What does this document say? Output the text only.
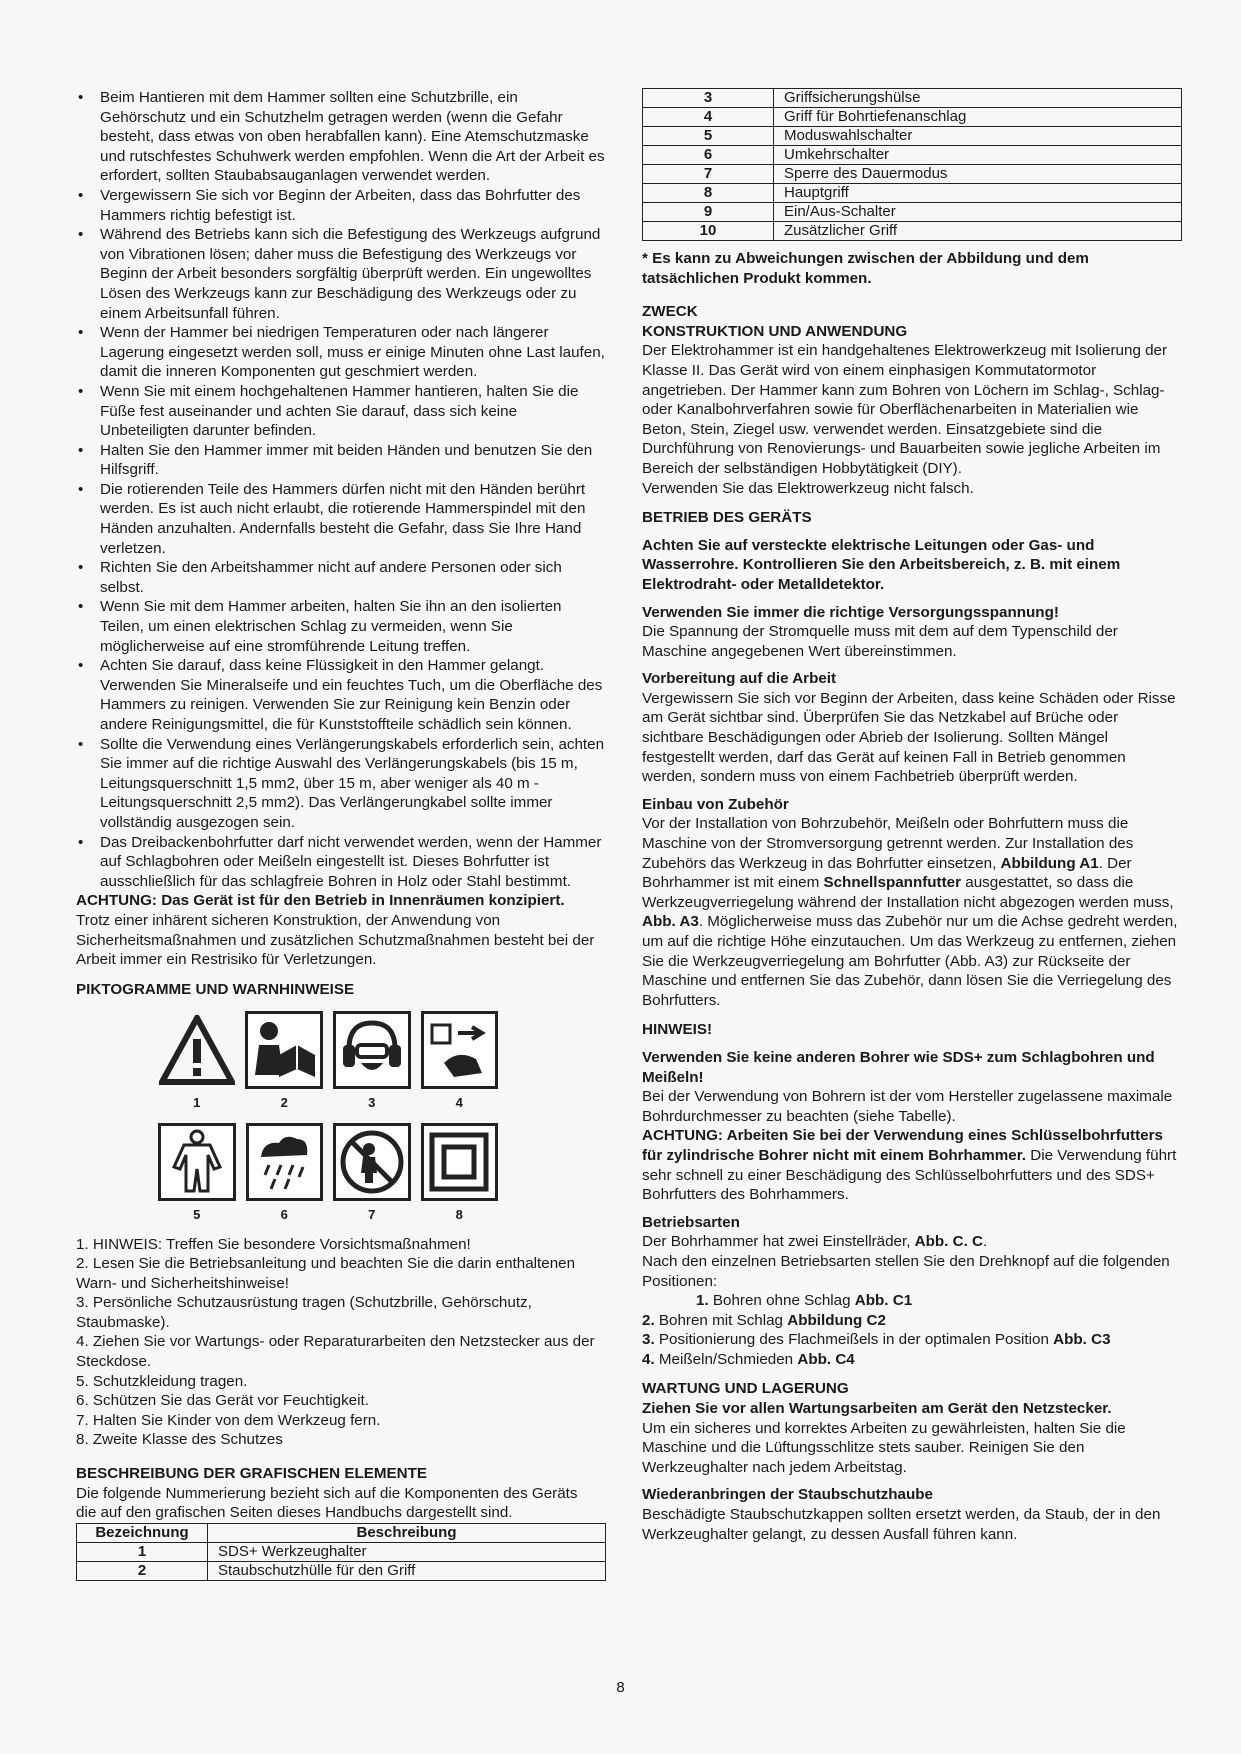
• Beim Hantieren mit dem Hammer sollten eine Schutzbrille, ein Gehörschutz und ein Schutzhelm getragen werden (wenn die Gefahr besteht, dass etwas von oben herabfallen kann). Eine Atemschutzmaske und rutschfestes Schuhwerk werden empfohlen. Wenn die Art der Arbeit es erfordert, sollten Staubabsauganlagen verwendet werden.
• Vergewissern Sie sich vor Beginn der Arbeiten, dass das Bohrfutter des Hammers richtig befestigt ist.
• Während des Betriebs kann sich die Befestigung des Werkzeugs aufgrund von Vibrationen lösen; daher muss die Befestigung des Werkzeugs vor Beginn der Arbeit besonders sorgfältig überprüft werden. Ein ungewolltes Lösen des Werkzeugs kann zur Beschädigung des Werkzeugs oder zu einem Arbeitsunfall führen.
• Wenn der Hammer bei niedrigen Temperaturen oder nach längerer Lagerung eingesetzt werden soll, muss er einige Minuten ohne Last laufen, damit die inneren Komponenten gut geschmiert werden.
• Wenn Sie mit einem hochgehaltenen Hammer hantieren, halten Sie die Füße fest auseinander und achten Sie darauf, dass sich keine Unbeteiligten darunter befinden.
• Halten Sie den Hammer immer mit beiden Händen und benutzen Sie den Hilfsgriff.
• Die rotierenden Teile des Hammers dürfen nicht mit den Händen berührt werden. Es ist auch nicht erlaubt, die rotierende Hammerspindel mit den Händen anzuhalten. Andernfalls besteht die Gefahr, dass Sie Ihre Hand verletzen.
• Richten Sie den Arbeitshammer nicht auf andere Personen oder sich selbst.
• Wenn Sie mit dem Hammer arbeiten, halten Sie ihn an den isolierten Teilen, um einen elektrischen Schlag zu vermeiden, wenn Sie möglicherweise auf eine stromführende Leitung treffen.
• Achten Sie darauf, dass keine Flüssigkeit in den Hammer gelangt. Verwenden Sie Mineralseife und ein feuchtes Tuch, um die Oberfläche des Hammers zu reinigen. Verwenden Sie zur Reinigung kein Benzin oder andere Reinigungsmittel, die für Kunststoffteile schädlich sein können.
• Sollte die Verwendung eines Verlängerungskabels erforderlich sein, achten Sie immer auf die richtige Auswahl des Verlängerungskabels (bis 15 m, Leitungsquerschnitt 1,5 mm2, über 15 m, aber weniger als 40 m - Leitungsquerschnitt 2,5 mm2). Das Verlängerungkabel sollte immer vollständig ausgezogen sein.
• Das Dreibackenbohrfutter darf nicht verwendet werden, wenn der Hammer auf Schlagbohren oder Meißeln eingestellt ist. Dieses Bohrfutter ist ausschließlich für das schlagfreie Bohren in Holz oder Stahl bestimmt.

ACHTUNG: Das Gerät ist für den Betrieb in Innenräumen konzipiert.

Trotz einer inhärent sicheren Konstruktion, der Anwendung von Sicherheitsmaßnahmen und zusätzlichen Schutzmaßnahmen besteht bei der Arbeit immer ein Restrisiko für Verletzungen.

PIKTOGRAMME UND WARNHINWEISE

1	2	3	4
5	6	7	8

1. HINWEIS: Treffen Sie besondere Vorsichtsmaßnahmen!

2. Lesen Sie die Betriebsanleitung und beachten Sie die darin enthaltenen Warn- und Sicherheitshinweise!

3. Persönliche Schutzausrüstung tragen (Schutzbrille, Gehörschutz, Staubmaske).

4. Ziehen Sie vor Wartungs- oder Reparaturarbeiten den Netzstecker aus der Steckdose.

5. Schutzkleidung tragen.

6. Schützen Sie das Gerät vor Feuchtigkeit.

7. Halten Sie Kinder von dem Werkzeug fern.

8. Zweite Klasse des Schutzes

BESCHREIBUNG DER GRAFISCHEN ELEMENTE

Die folgende Nummerierung bezieht sich auf die Komponenten des Geräts

die auf den grafischen Seiten dieses Handbuchs dargestellt sind.

Bezeichnung	Beschreibung
1	SDS+ Werkzeughalter
2	Staubschutzhülle für den Griff
3	Griffsicherungshülse
4	Griff für Bohrtiefenanschlag
5	Moduswahlschalter
6	Umkehrschalter
7	Sperre des Dauermodus
8	Hauptgriff
9	Ein/Aus-Schalter
10	Zusätzlicher Griff

* Es kann zu Abweichungen zwischen der Abbildung und dem tatsächlichen Produkt kommen.

ZWECK

KONSTRUKTION UND ANWENDUNG

Der Elektrohammer ist ein handgehaltenes Elektrowerkzeug mit Isolierung der Klasse II. Das Gerät wird von einem einphasigen Kommutatormotor angetrieben. Der Hammer kann zum Bohren von Löchern im Schlag-, Schlag- oder Kanalbohrverfahren sowie für Oberflächenarbeiten in Materialien wie Beton, Stein, Ziegel usw. verwendet werden. Einsatzgebiete sind die Durchführung von Renovierungs- und Bauarbeiten sowie jegliche Arbeiten im Bereich der selbständigen Hobbytätigkeit (DIY).

Verwenden Sie das Elektrowerkzeug nicht falsch.

BETRIEB DES GERÄTS

Achten Sie auf versteckte elektrische Leitungen oder Gas- und Wasserrohre. Kontrollieren Sie den Arbeitsbereich, z. B. mit einem Elektrodraht- oder Metalldetektor.

Verwenden Sie immer die richtige Versorgungsspannung!

Die Spannung der Stromquelle muss mit dem auf dem Typenschild der Maschine angegebenen Wert übereinstimmen.

Vorbereitung auf die Arbeit

Vergewissern Sie sich vor Beginn der Arbeiten, dass keine Schäden oder Risse am Gerät sichtbar sind. Überprüfen Sie das Netzkabel auf Brüche oder sichtbare Beschädigungen oder Abrieb der Isolierung. Sollten Mängel festgestellt werden, darf das Gerät auf keinen Fall in Betrieb genommen werden, sondern muss von einem Fachbetrieb überprüft werden.

Einbau von Zubehör

Vor der Installation von Bohrzubehör, Meißeln oder Bohrfuttern muss die Maschine von der Stromversorgung getrennt werden. Zur Installation des Zubehörs das Werkzeug in das Bohrfutter einsetzen, Abbildung A1. Der Bohrhammer ist mit einem Schnellspannfutter ausgestattet, so dass die Werkzeugverriegelung während der Installation nicht abgezogen werden muss, Abb. A3. Möglicherweise muss das Zubehör nur um die Achse gedreht werden, um auf die richtige Höhe einzutauchen. Um das Werkzeug zu entfernen, ziehen Sie die Werkzeugverriegelung am Bohrfutter (Abb. A3) zur Rückseite der Maschine und entfernen Sie das Zubehör, dann lösen Sie die Verriegelung des Bohrfutters.

HINWEIS!

Verwenden Sie keine anderen Bohrer wie SDS+ zum Schlagbohren und Meißeln!

Bei der Verwendung von Bohrern ist der vom Hersteller zugelassene maximale Bohrdurchmesser zu beachten (siehe Tabelle).

ACHTUNG: Arbeiten Sie bei der Verwendung eines Schlüsselbohrfutters für zylindrische Bohrer nicht mit einem Bohrhammer. Die Verwendung führt sehr schnell zu einer Beschädigung des Schlüsselbohrfutters und des SDS+ Bohrfutters des Bohrhammers.

Betriebsarten

Der Bohrhammer hat zwei Einstellräder, Abb. C. C.

Nach den einzelnen Betriebsarten stellen Sie den Drehknopf auf die folgenden Positionen:

1. Bohren ohne Schlag Abb. C1

2. Bohren mit Schlag Abbildung C2

3. Positionierung des Flachmeißels in der optimalen Position Abb. C3

4. Meißeln/Schmieden Abb. C4

WARTUNG UND LAGERUNG

Ziehen Sie vor allen Wartungsarbeiten am Gerät den Netzstecker.

Um ein sicheres und korrektes Arbeiten zu gewährleisten, halten Sie die Maschine und die Lüftungsschlitze stets sauber. Reinigen Sie den Werkzeughalter nach jedem Arbeitstag.

Wiederanbringen der Staubschutzhaube

Beschädigte Staubschutzkappen sollten ersetzt werden, da Staub, der in den Werkzeughalter gelangt, zu dessen Ausfall führen kann.

8
